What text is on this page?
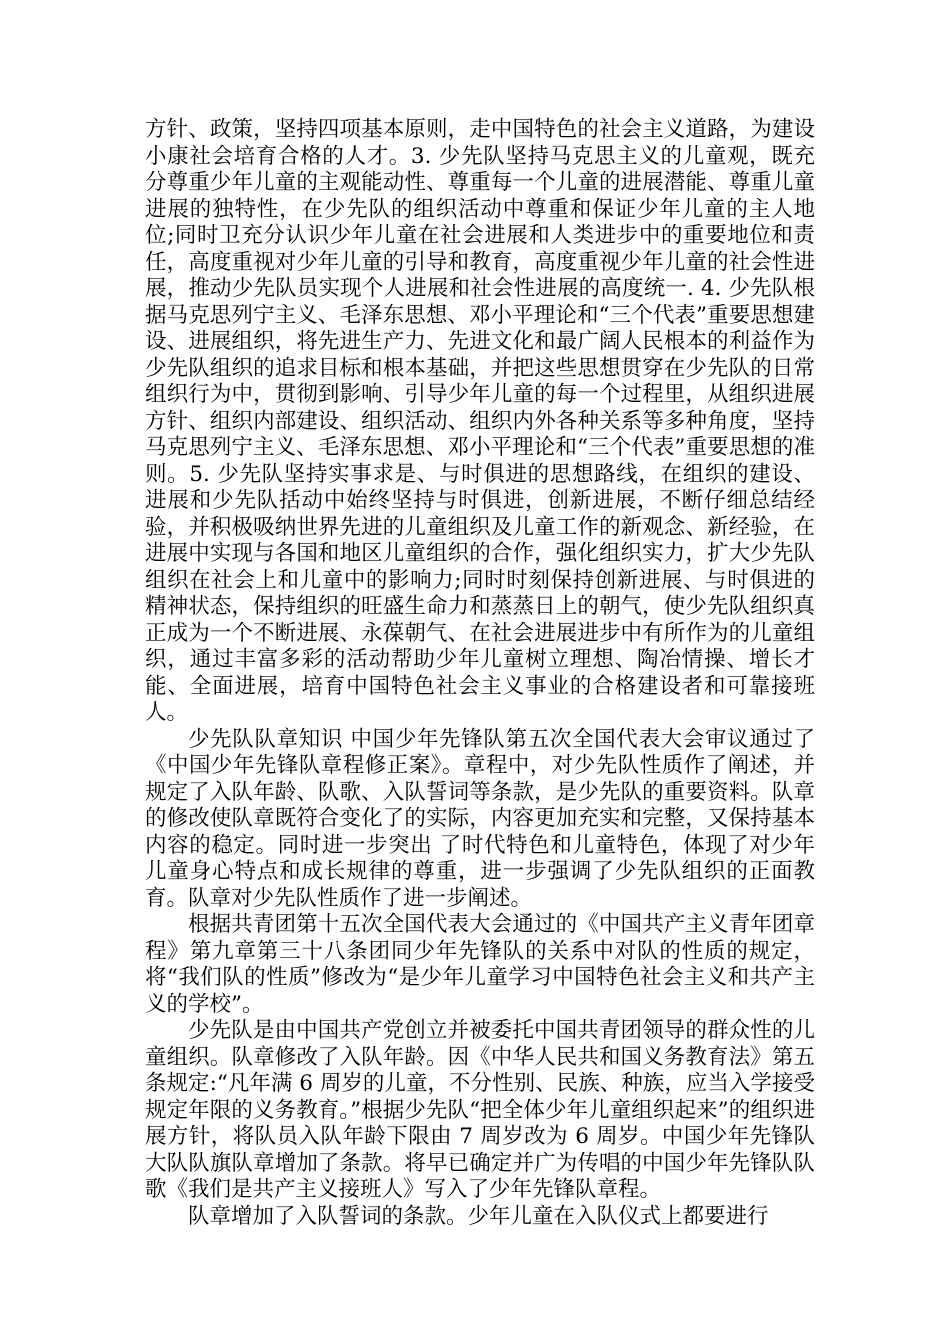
方针、政策，坚持四项基本原则，走中国特色的社会主义道路，为建设小康社会培育合格的人才。3. 少先队坚持马克思主义的儿童观，既充分尊重少年儿童的主观能动性、尊重每一个儿童的进展潜能、尊重儿童进展的独特性，在少先队的组织活动中尊重和保证少年儿童的主人地位;同时卫充分认识少年儿童在社会进展和人类进步中的重要地位和责任，高度重视对少年儿童的引导和教育，高度重视少年儿童的社会性进展，推动少先队员实现个人进展和社会性进展的高度统一. 4. 少先队根据马克思列宁主义、毛泽东思想、邓小平理论和“三个代表”重要思想建设、进展组织，将先进生产力、先进文化和最广阔人民根本的利益作为少先队组织的追求目标和根本基础，并把这些思想贯穿在少先队的日常组织行为中，贯彻到影响、引导少年儿童的每一个过程里，从组织进展方针、组织内部建设、组织活动、组织内外各种关系等多种角度，坚持马克思列宁主义、毛泽东思想、邓小平理论和“三个代表”重要思想的准则。5. 少先队坚持实事求是、与时俱进的思想路线，在组织的建设、进展和少先队括动中始终坚持与时俱进，创新进展，不断仔细总结经验，并积极吸纳世界先进的儿童组织及儿童工作的新观念、新经验，在进展中实现与各国和地区儿童组织的合作，强化组织实力，扩大少先队组织在社会上和儿童中的影响力;同时时刻保持创新进展、与时俱进的精神状态，保持组织的旺盛生命力和蒸蒸日上的朝气，使少先队组织真正成为一个不断进展、永葆朝气、在社会进展进步中有所作为的儿童组织，通过丰富多彩的活动帮助少年儿童树立理想、陶冶情操、增长才能、全面进展，培育中国特色社会主义事业的合格建设者和可靠接班人。

少先队队章知识 中国少年先锋队第五次全国代表大会审议通过了《中国少年先锋队章程修正案》。章程中，对少先队性质作了阐述，并规定了入队年龄、队歌、入队誓词等条款，是少先队的重要资料。队章的修改使队章既符合变化了的实际，内容更加充实和完整，又保持基本内容的稳定。同时进一步突出 了时代特色和儿童特色，体现了对少年儿童身心特点和成长规律的尊重，进一步强调了少先队组织的正面教育。队章对少先队性质作了进一步阐述。

根据共青团第十五次全国代表大会通过的《中国共产主义青年团章程》第九章第三十八条团同少年先锋队的关系中对队的性质的规定，将“我们队的性质”修改为“是少年儿童学习中国特色社会主义和共产主义的学校”。

少先队是由中国共产党创立并被委托中国共青团领导的群众性的儿童组织。队章修改了入队年龄。因《中华人民共和国义务教育法》第五条规定:“凡年满 6 周岁的儿童，不分性别、民族、种族，应当入学接受规定年限的义务教育。”根据少先队“把全体少年儿童组织起来”的组织进展方针，将队员入队年龄下限由 7 周岁改为 6 周岁。中国少年先锋队大队队旗队章增加了条款。将早已确定并广为传唱的中国少年先锋队队歌《我们是共产主义接班人》写入了少年先锋队章程。

队章增加了入队誓词的条款。少年儿童在入队仪式上都要进行
